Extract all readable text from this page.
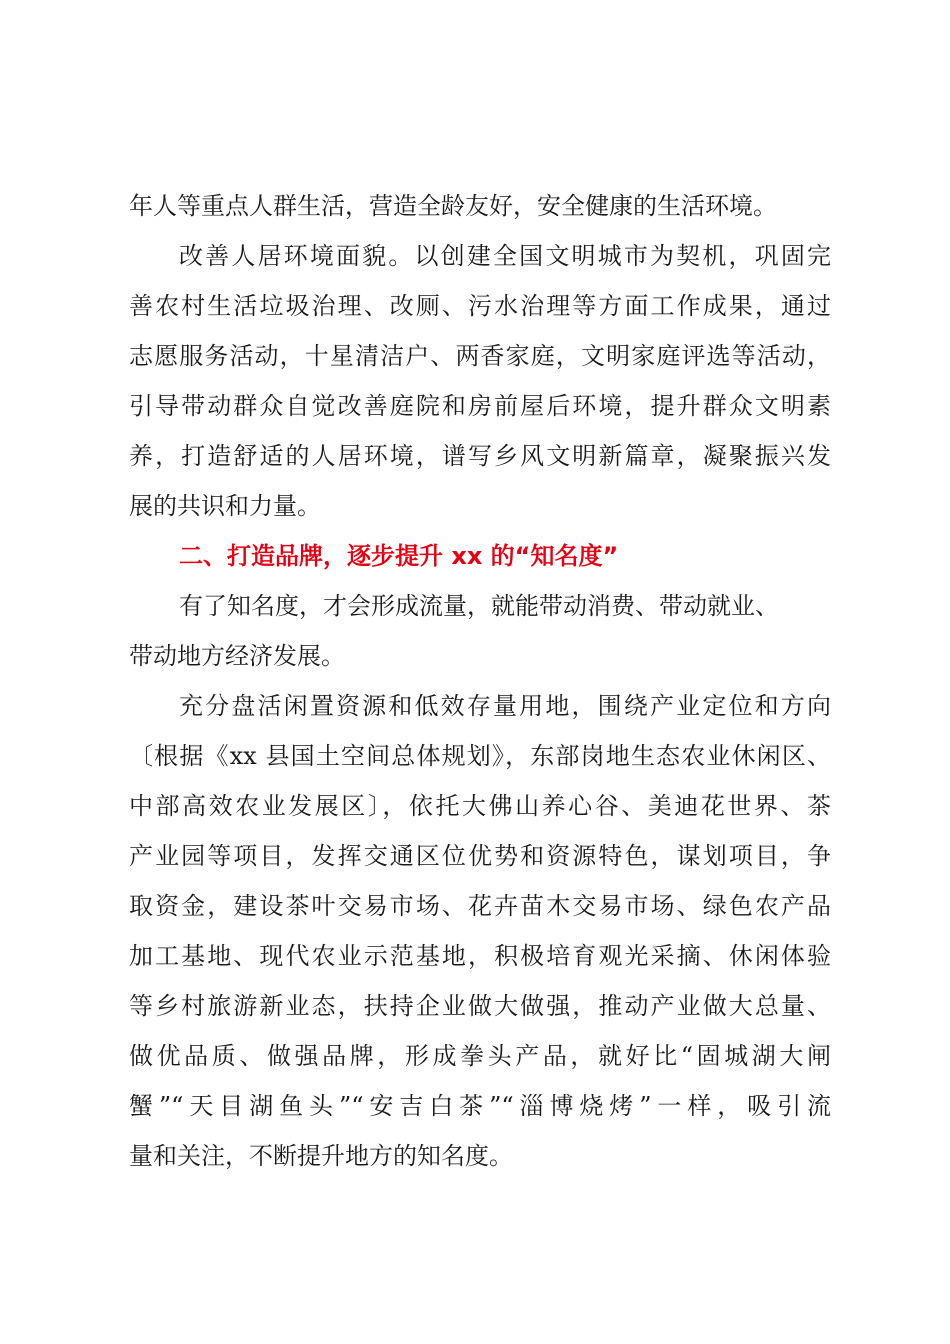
年人等重点人群生活，营造全龄友好，安全健康的生活环境。
改善人居环境面貌。以创建全国文明城市为契机，巩固完
善农村生活垃圾治理、改厕、污水治理等方面工作成果，通过
志愿服务活动，十星清洁户、两香家庭，文明家庭评选等活动，
引导带动群众自觉改善庭院和房前屋后环境，提升群众文明素
养，打造舒适的人居环境，谱写乡风文明新篇章，凝聚振兴发
展的共识和力量。
二、打造品牌，逐步提升 xx 的“知名度”
有了知名度，才会形成流量，就能带动消费、带动就业、
带动地方经济发展。
充分盘活闲置资源和低效存量用地，围绕产业定位和方向
〔根据《xx 县国土空间总体规划》，东部岗地生态农业休闲区、
中部高效农业发展区〕，依托大佛山养心谷、美迪花世界、茶
产业园等项目，发挥交通区位优势和资源特色，谋划项目，争
取资金，建设茶叶交易市场、花卉苗木交易市场、绿色农产品
加工基地、现代农业示范基地，积极培育观光采摘、休闲体验
等乡村旅游新业态，扶持企业做大做强，推动产业做大总量、
做优品质、做强品牌，形成拳头产品，就好比“固城湖大闸
蟹”“天目湖鱼头”“安吉白茶”“淄博烧烤”一样，吸引流
量和关注，不断提升地方的知名度。
